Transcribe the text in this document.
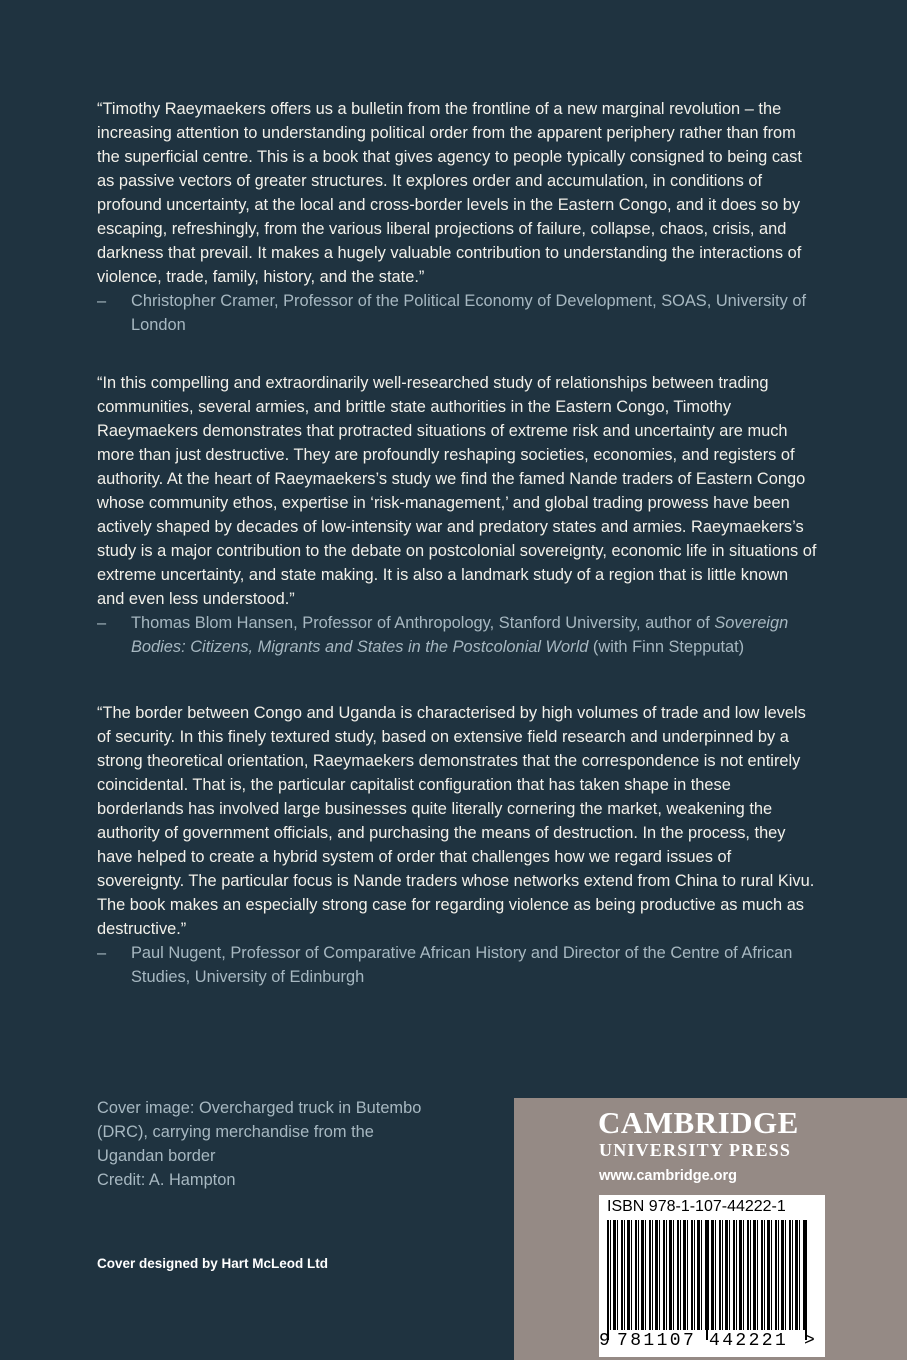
“Timothy Raeymaekers offers us a bulletin from the frontline of a new marginal revolution – the increasing attention to understanding political order from the apparent periphery rather than from the superficial centre. This is a book that gives agency to people typically consigned to being cast as passive vectors of greater structures. It explores order and accumulation, in conditions of profound uncertainty, at the local and cross-border levels in the Eastern Congo, and it does so by escaping, refreshingly, from the various liberal projections of failure, collapse, chaos, crisis, and darkness that prevail. It makes a hugely valuable contribution to understanding the interactions of violence, trade, family, history, and the state.”

– Christopher Cramer, Professor of the Political Economy of Development, SOAS, University of London

“In this compelling and extraordinarily well-researched study of relationships between trading communities, several armies, and brittle state authorities in the Eastern Congo, Timothy Raeymaekers demonstrates that protracted situations of extreme risk and uncertainty are much more than just destructive. They are profoundly reshaping societies, economies, and registers of authority. At the heart of Raeymaekers’s study we find the famed Nande traders of Eastern Congo whose community ethos, expertise in ‘risk-management,’ and global trading prowess have been actively shaped by decades of low-intensity war and predatory states and armies. Raeymaekers’s study is a major contribution to the debate on postcolonial sovereignty, economic life in situations of extreme uncertainty, and state making. It is also a landmark study of a region that is little known and even less understood.”

– Thomas Blom Hansen, Professor of Anthropology, Stanford University, author of Sovereign Bodies: Citizens, Migrants and States in the Postcolonial World (with Finn Stepputat)

“The border between Congo and Uganda is characterised by high volumes of trade and low levels of security. In this finely textured study, based on extensive field research and underpinned by a strong theoretical orientation, Raeymaekers demonstrates that the correspondence is not entirely coincidental. That is, the particular capitalist configuration that has taken shape in these borderlands has involved large businesses quite literally cornering the market, weakening the authority of government officials, and purchasing the means of destruction. In the process, they have helped to create a hybrid system of order that challenges how we regard issues of sovereignty. The particular focus is Nande traders whose networks extend from China to rural Kivu. The book makes an especially strong case for regarding violence as being productive as much as destructive.”

– Paul Nugent, Professor of Comparative African History and Director of the Centre of African Studies, University of Edinburgh

Cover image: Overcharged truck in Butembo

(DRC), carrying merchandise from the

Ugandan border

Credit: A. Hampton

Cover designed by Hart McLeod Ltd
CAMBRIDGE
UNIVERSITY PRESS
www.cambridge.org
ISBN 978-1-107-44222-1
9 781107 442221 >
